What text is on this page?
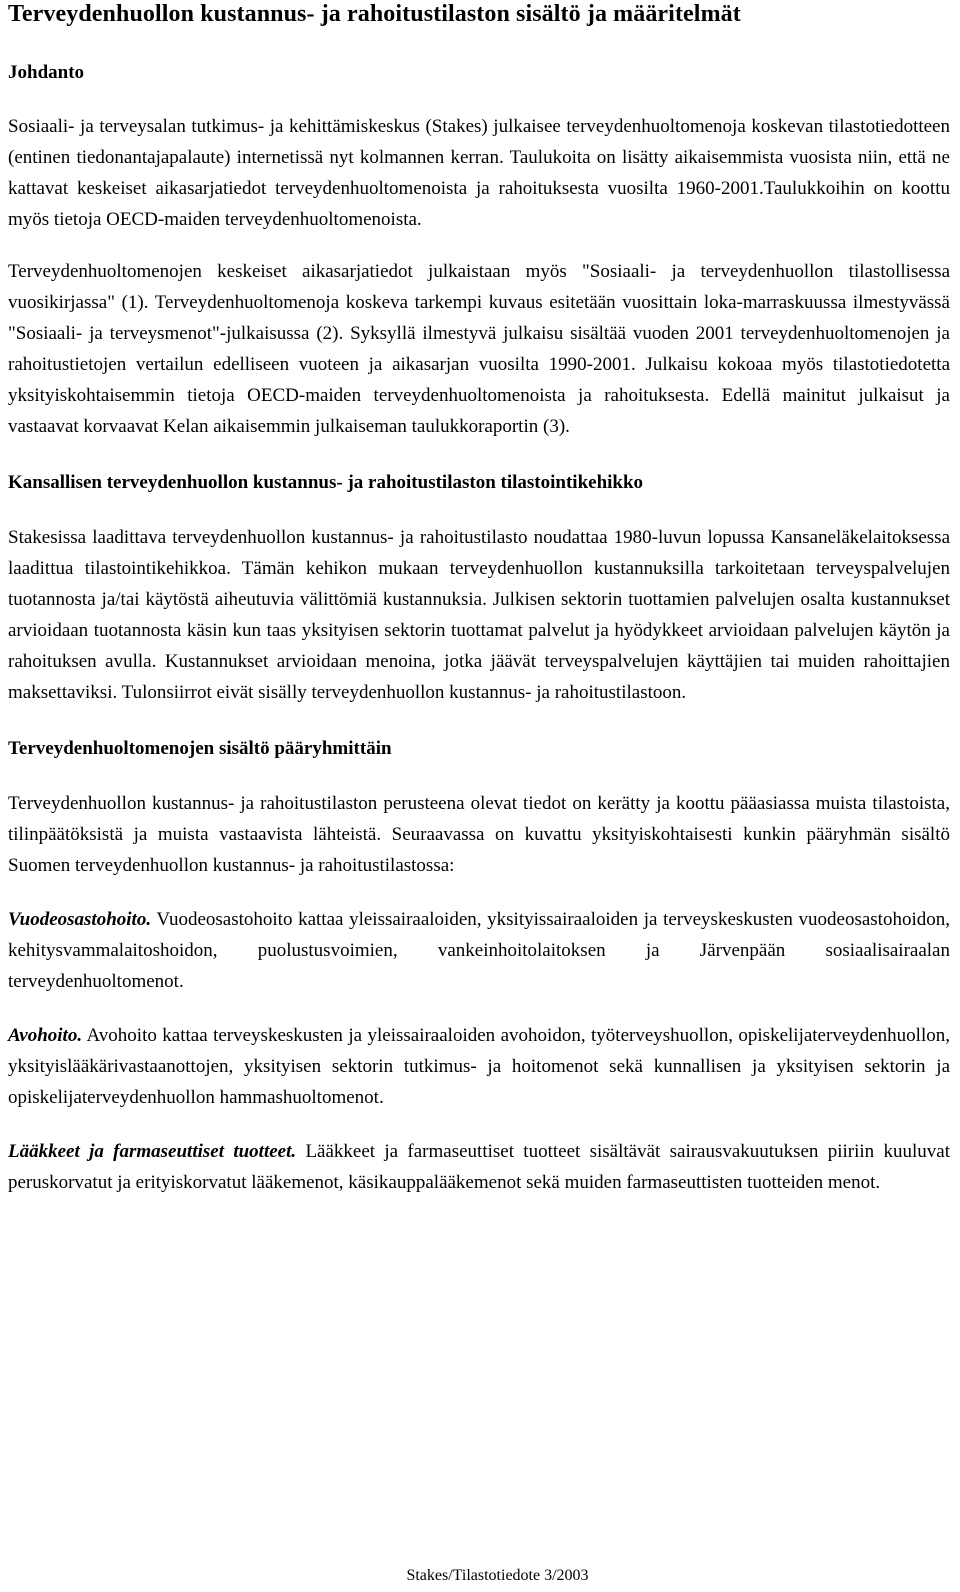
Terveydenhuollon kustannus- ja rahoitustilaston sisältö ja määritelmät
Johdanto

Sosiaali- ja terveysalan tutkimus- ja kehittämiskeskus (Stakes) julkaisee terveydenhuoltomenoja koskevan tilastotiedotteen (entinen tiedonantajapalaute) internetissä nyt kolmannen kerran. Taulukoita on lisätty aikaisemmista vuosista niin, että ne kattavat keskeiset aikasarjatiedot terveydenhuoltomenoista ja rahoituksesta vuosilta 1960-2001.Taulukkoihin on koottu myös tietoja OECD-maiden terveydenhuoltomenoista.

Terveydenhuoltomenojen keskeiset aikasarjatiedot julkaistaan myös "Sosiaali- ja terveydenhuollon tilastollisessa vuosikirjassa" (1). Terveydenhuoltomenoja koskeva tarkempi kuvaus esitetään vuosittain loka-marraskuussa ilmestyvässä "Sosiaali- ja terveysmenot"-julkaisussa (2). Syksyllä ilmestyvä julkaisu sisältää vuoden 2001 terveydenhuoltomenojen ja rahoitustietojen vertailun edelliseen vuoteen ja aikasarjan vuosilta 1990-2001. Julkaisu kokoaa myös tilastotiedotetta yksityiskohtaisemmin tietoja OECD-maiden terveydenhuoltomenoista ja rahoituksesta. Edellä mainitut julkaisut ja vastaavat korvaavat Kelan aikaisemmin julkaiseman taulukkoraportin (3).

Kansallisen terveydenhuollon kustannus- ja rahoitustilaston tilastointikehikko

Stakesissa laadittava terveydenhuollon kustannus- ja rahoitustilasto noudattaa 1980-luvun lopussa Kansaneläkelaitoksessa laadittua tilastointikehikkoa. Tämän kehikon mukaan terveydenhuollon kustannuksilla tarkoitetaan terveyspalvelujen tuotannosta ja/tai käytöstä aiheutuvia välittömiä kustannuksia. Julkisen sektorin tuottamien palvelujen osalta kustannukset arvioidaan tuotannosta käsin kun taas yksityisen sektorin tuottamat palvelut ja hyödykkeet arvioidaan palvelujen käytön ja rahoituksen avulla. Kustannukset arvioidaan menoina, jotka jäävät terveyspalvelujen käyttäjien tai muiden rahoittajien maksettaviksi. Tulonsiirrot eivät sisälly terveydenhuollon kustannus- ja rahoitustilastoon.

Terveydenhuoltomenojen sisältö pääryhmittäin

Terveydenhuollon kustannus- ja rahoitustilaston perusteena olevat tiedot on kerätty ja koottu pääasiassa muista tilastoista, tilinpäätöksistä ja muista vastaavista lähteistä. Seuraavassa on kuvattu yksityiskohtaisesti kunkin pääryhmän sisältö Suomen terveydenhuollon kustannus- ja rahoitustilastossa:

Vuodeosastohoito. Vuodeosastohoito kattaa yleissairaaloiden, yksityissairaaloiden ja terveyskeskusten vuodeosastohoidon, kehitysvammalaitoshoidon, puolustusvoimien, vankeinhoitolaitoksen ja Järvenpään sosiaalisairaalan terveydenhuoltomenot.

Avohoito. Avohoito kattaa terveyskeskusten ja yleissairaaloiden avohoidon, työterveyshuollon, opiskelijaterveydenhuollon, yksityislääkärivastaanottojen, yksityisen sektorin tutkimus- ja hoitomenot sekä kunnallisen ja yksityisen sektorin ja opiskelijaterveydenhuollon hammashuoltomenot.

Lääkkeet ja farmaseuttiset tuotteet. Lääkkeet ja farmaseuttiset tuotteet sisältävät sairausvakuutuksen piiriin kuuluvat peruskorvatut ja erityiskorvatut lääkemenot, käsikauppalääkemenot sekä muiden farmaseuttisten tuotteiden menot.

Stakes/Tilastotiedote 3/2003
